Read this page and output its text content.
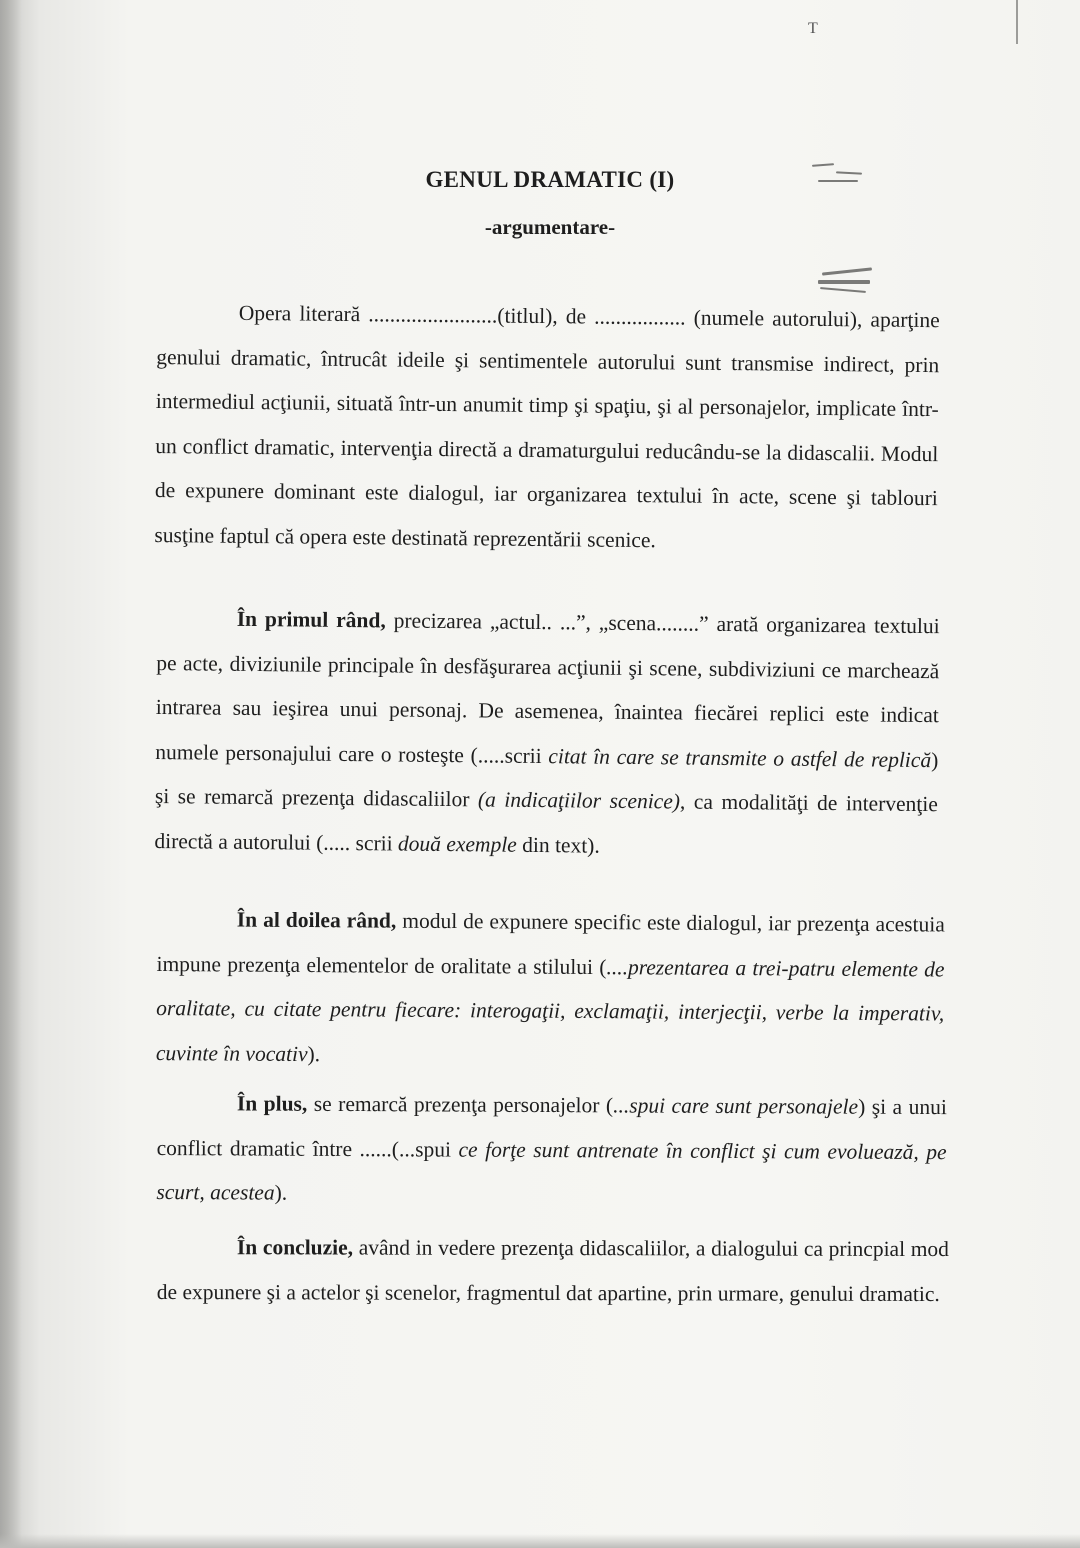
T
GENUL DRAMATIC (I)
-argumentare-
Opera literară ........................(titlul), de ................. (numele autorului), aparţine genului dramatic, întrucât ideile şi sentimentele autorului sunt transmise indirect, prin intermediul acţiunii, situată într-un anumit timp şi spaţiu, şi al personajelor, implicate într-un conflict dramatic, intervenţia directă a dramaturgului reducându-se la didascalii. Modul de expunere dominant este dialogul, iar organizarea textului în acte, scene şi tablouri susţine faptul că opera este destinată reprezentării scenice.
În primul rând, precizarea „actul.. ...”, „scena........” arată organizarea textului pe acte, diviziunile principale în desfăşurarea acţiunii şi scene, subdiviziuni ce marchează intrarea sau ieşirea unui personaj. De asemenea, înaintea fiecărei replici este indicat numele personajului care o rosteşte (.....scrii citat în care se transmite o astfel de replică) şi se remarcă prezenţa didascaliilor (a indicaţiilor scenice), ca modalităţi de intervenţie directă a autorului (..... scrii două exemple din text).
În al doilea rând, modul de expunere specific este dialogul, iar prezenţa acestuia impune prezenţa elementelor de oralitate a stilului (....prezentarea a trei-patru elemente de oralitate, cu citate pentru fiecare: interogaţii, exclamaţii, interjecţii, verbe la imperativ, cuvinte în vocativ).
În plus, se remarcă prezenţa personajelor (...spui care sunt personajele) şi a unui conflict dramatic între ......(...spui ce forţe sunt antrenate în conflict şi cum evoluează, pe scurt, acestea).
În concluzie, având in vedere prezenţa didascaliilor, a dialogului ca princpial mod de expunere şi a actelor şi scenelor, fragmentul dat apartine, prin urmare, genului dramatic.
